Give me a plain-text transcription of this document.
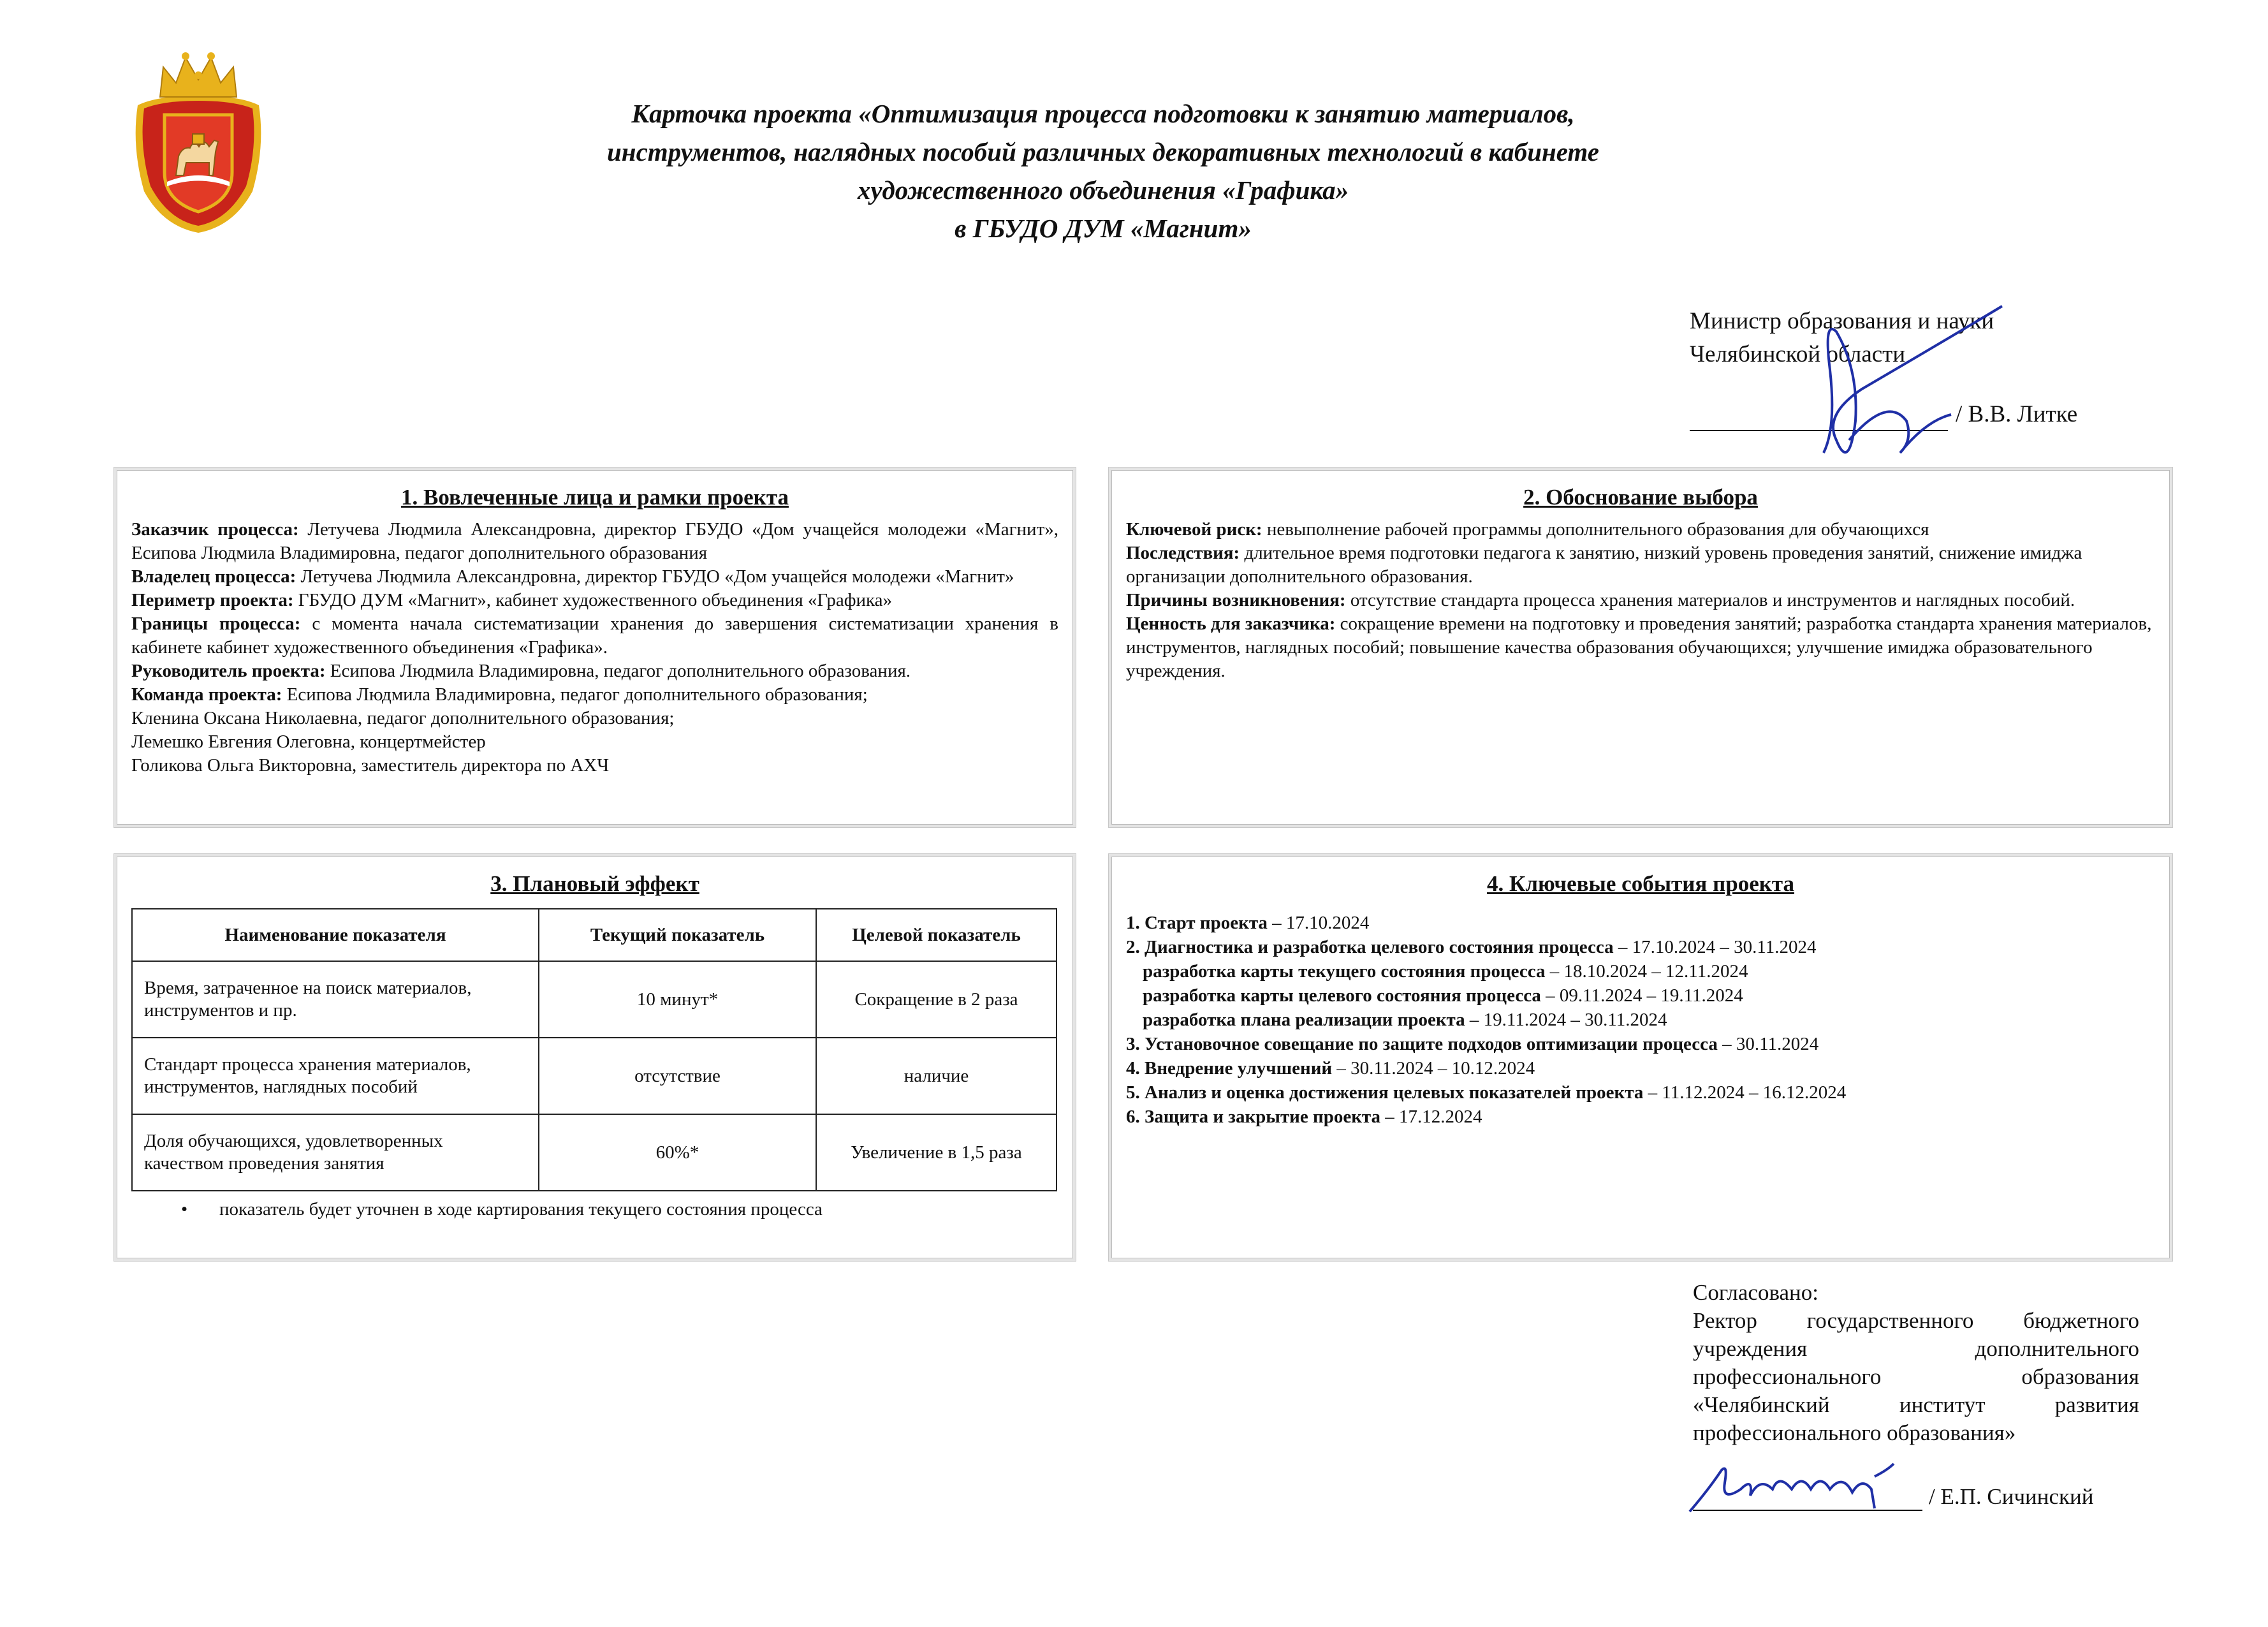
Карточка проекта «Оптимизация процесса подготовки к занятию материалов,
инструментов, наглядных пособий различных декоративных технологий в кабинете
художественного объединения «Графика»
в ГБУДО ДУМ «Магнит»
Министр образования и науки
Челябинской области
/ В.В. Литке
1. Вовлеченные лица и рамки проекта

Заказчик процесса: Летучева Людмила Александровна, директор ГБУДО «Дом учащейся молодежи «Магнит», Есипова Людмила Владимировна, педагог дополнительного образования

Владелец процесса: Летучева Людмила Александровна, директор ГБУДО «Дом учащейся молодежи «Магнит»

Периметр проекта: ГБУДО ДУМ «Магнит», кабинет художественного объединения «Графика»

Границы процесса: с момента начала систематизации хранения до завершения систематизации хранения в кабинете кабинет художественного объединения «Графика».

Руководитель проекта: Есипова Людмила Владимировна, педагог дополнительного образования.

Команда проекта: Есипова Людмила Владимировна, педагог дополнительного образования;

Кленина Оксана Николаевна, педагог дополнительного образования;

Лемешко Евгения Олеговна, концертмейстер

Голикова Ольга Викторовна, заместитель директора по АХЧ

2. Обоснование выбора

Ключевой риск: невыполнение рабочей программы дополнительного образования для обучающихся

Последствия: длительное время подготовки педагога к занятию, низкий уровень проведения занятий, снижение имиджа организации дополнительного образования.

Причины возникновения: отсутствие стандарта процесса хранения материалов и инструментов и наглядных пособий.

Ценность для заказчика: сокращение времени на подготовку и проведения занятий; разработка стандарта хранения материалов, инструментов, наглядных пособий; повышение качества образования обучающихся; улучшение имиджа образовательного учреждения.

3. Плановый эффект
Наименование показателя	Текущий показатель	Целевой показатель
Время, затраченное на поиск материалов, инструментов и пр.	10 минут*	Сокращение в 2 раза
Стандарт процесса хранения материалов, инструментов, наглядных пособий	отсутствие	наличие
Доля обучающихся, удовлетворенных качеством проведения занятия	60%*	Увеличение в 1,5 раза
• показатель будет уточнен в ходе картирования текущего состояния процесса
4. Ключевые события проекта

1. Старт проекта – 17.10.2024

2. Диагностика и разработка целевого состояния процесса – 17.10.2024 – 30.11.2024

разработка карты текущего состояния процесса – 18.10.2024 – 12.11.2024

разработка карты целевого состояния процесса – 09.11.2024 – 19.11.2024

разработка плана реализации проекта – 19.11.2024 – 30.11.2024

3. Установочное совещание по защите подходов оптимизации процесса – 30.11.2024

4. Внедрение улучшений – 30.11.2024 – 10.12.2024

5. Анализ и оценка достижения целевых показателей проекта – 11.12.2024 – 16.12.2024

6. Защита и закрытие проекта – 17.12.2024

Согласовано:
Ректор государственного бюджетного учреждения дополнительного профессионального образования «Челябинский институт развития профессионального образования»
/ Е.П. Сичинский
